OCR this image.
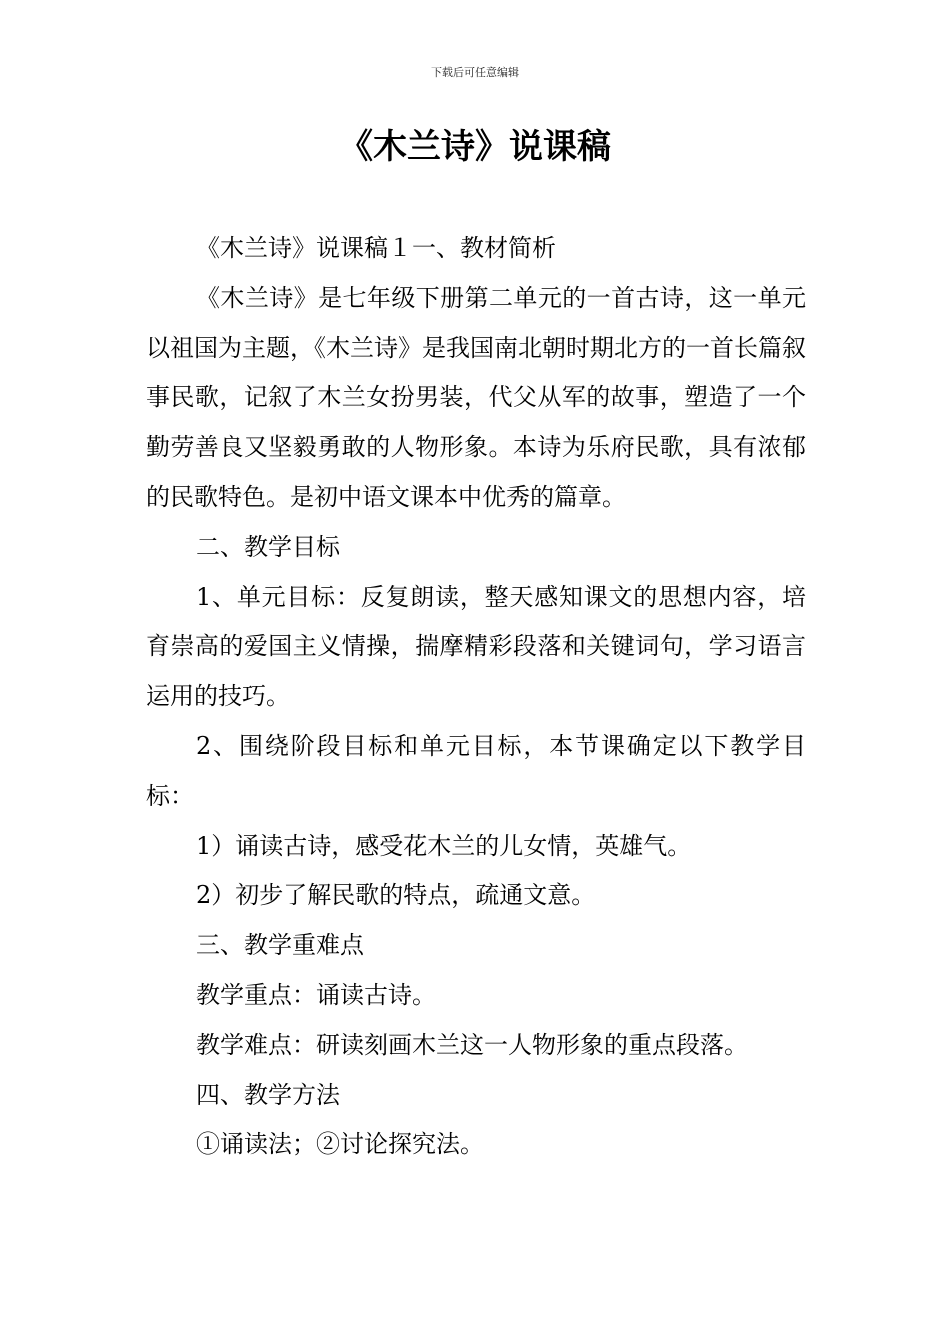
下载后可任意编辑
《木兰诗》说课稿

《木兰诗》说课稿１一、教材简析

《木兰诗》是七年级下册第二单元的一首古诗，这一单元以祖国为主题，《木兰诗》是我国南北朝时期北方的一首长篇叙事民歌，记叙了木兰女扮男装，代父从军的故事，塑造了一个勤劳善良又坚毅勇敢的人物形象。本诗为乐府民歌，具有浓郁的民歌特色。是初中语文课本中优秀的篇章。

二、教学目标

1、单元目标：反复朗读，整天感知课文的思想内容，培育崇高的爱国主义情操，揣摩精彩段落和关键词句，学习语言运用的技巧。

2、围绕阶段目标和单元目标，本节课确定以下教学目标：

1）诵读古诗，感受花木兰的儿女情，英雄气。

2）初步了解民歌的特点，疏通文意。

三、教学重难点

教学重点：诵读古诗。

教学难点：研读刻画木兰这一人物形象的重点段落。

四、教学方法

①诵读法；②讨论探究法。
